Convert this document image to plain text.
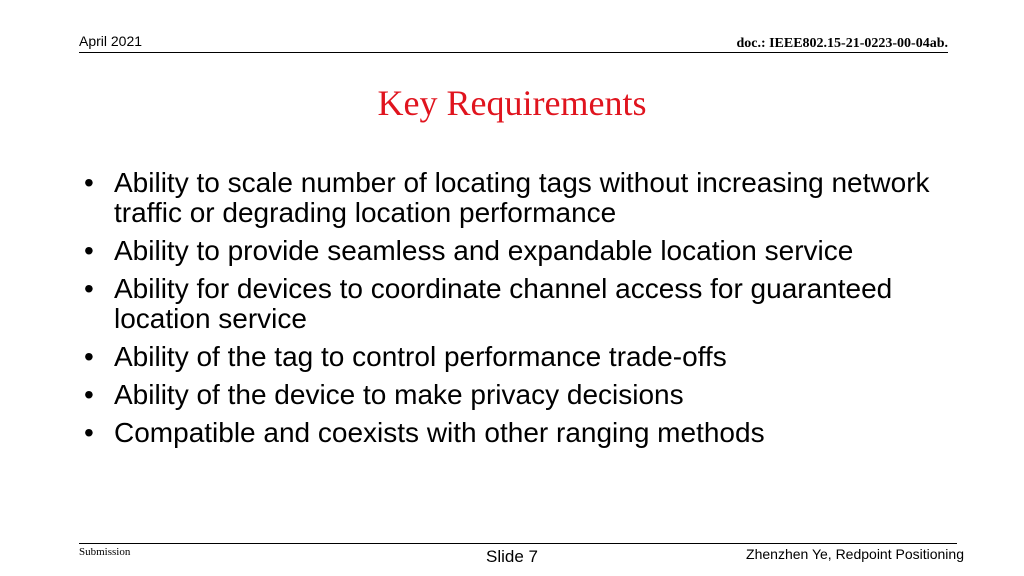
April 2021	doc.: IEEE802.15-21-0223-00-04ab.
Key Requirements
• Ability to scale number of locating tags without increasing network traffic or degrading location performance
• Ability to provide seamless and expandable location service
• Ability for devices to coordinate channel access for guaranteed location service
• Ability of the tag to control performance trade-offs
• Ability of the device to make privacy decisions
• Compatible and coexists with other ranging methods
Submission	Slide 7	Zhenzhen Ye, Redpoint Positioning
